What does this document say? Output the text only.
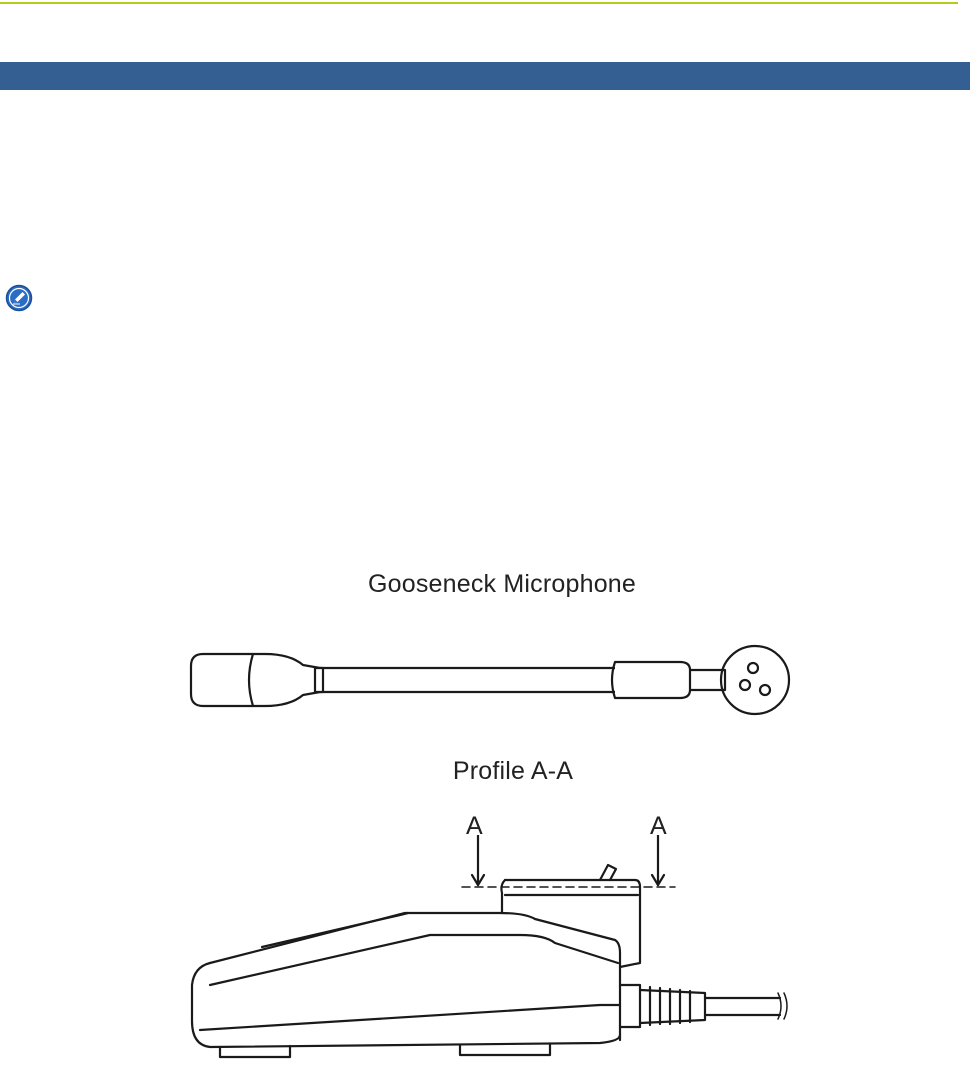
Gooseneck Microphone
Profile A-A
A	A
